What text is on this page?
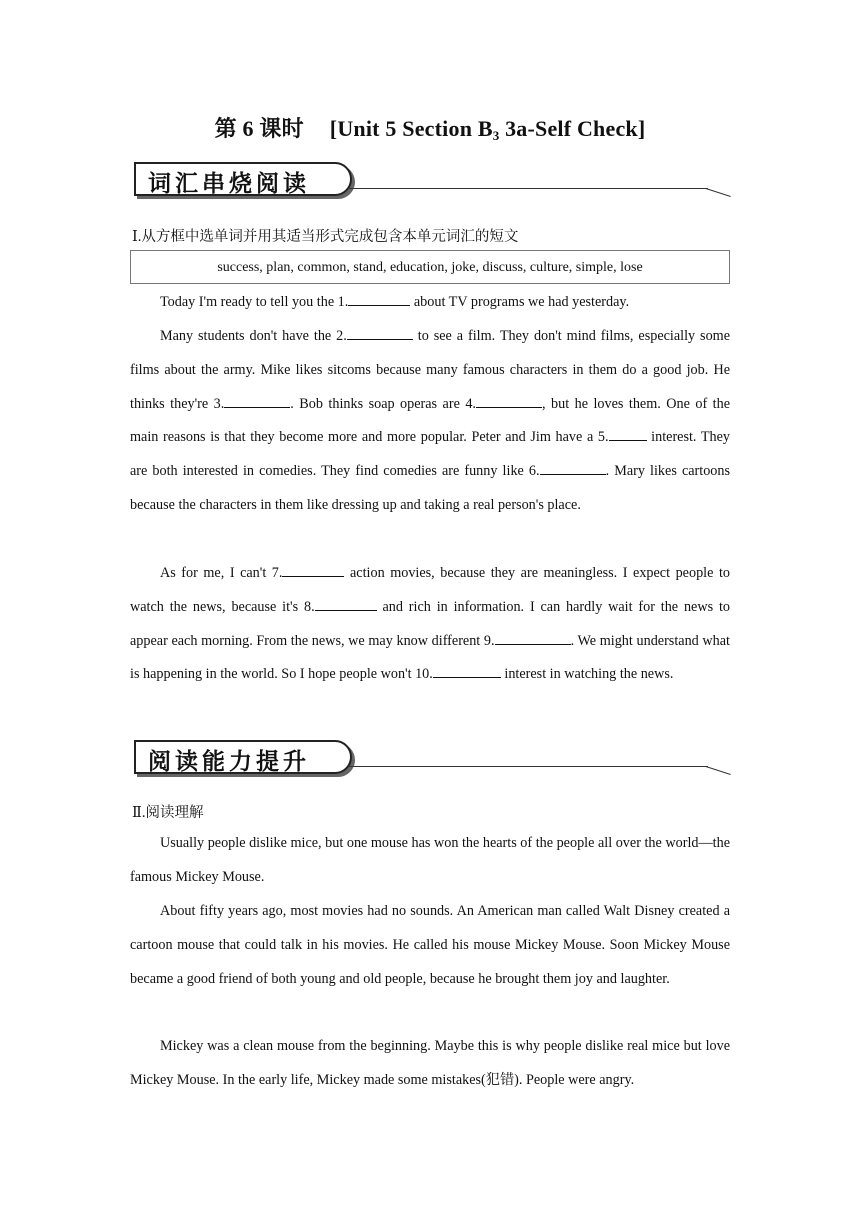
第 6 课时 [Unit 5 Section $B_3$ 3a-Self Check]
词汇串烧阅读
Ⅰ.从方框中选单词并用其适当形式完成包含本单元词汇的短文
success, plan, common, stand, education, joke, discuss, culture, simple, lose

Today I'm ready to tell you the 1.	about TV programs we had yesterday.

Many students don't have the 2.	to see a film. They don't mind films, especially some films about the army. Mike likes sitcoms because many famous characters in them do a good job. He thinks they're 3.	. Bob thinks soap operas are 4.	, but he loves them. One of the main reasons is that they become more and more popular. Peter and Jim have a 5.	interest. They are both interested in comedies. They find comedies are funny like 6.	. Mary likes cartoons because the characters in them like dressing up and taking a real person's place.

As for me, I can't 7.	action movies, because they are meaningless. I expect people to watch the news, because it's 8.	and rich in information. I can hardly wait for the news to appear each morning. From the news, we may know different 9.	. We might understand what is happening in the world. So I hope people won't 10.	interest in watching the news.

阅读能力提升
Ⅱ.阅读理解

Usually people dislike mice, but one mouse has won the hearts of the people all over the world—the famous Mickey Mouse.

About fifty years ago, most movies had no sounds. An American man called Walt Disney created a cartoon mouse that could talk in his movies. He called his mouse Mickey Mouse. Soon Mickey Mouse became a good friend of both young and old people, because he brought them joy and laughter.

Mickey was a clean mouse from the beginning. Maybe this is why people dislike real mice but love Mickey Mouse. In the early life, Mickey made some mistakes(犯错). People were angry.
